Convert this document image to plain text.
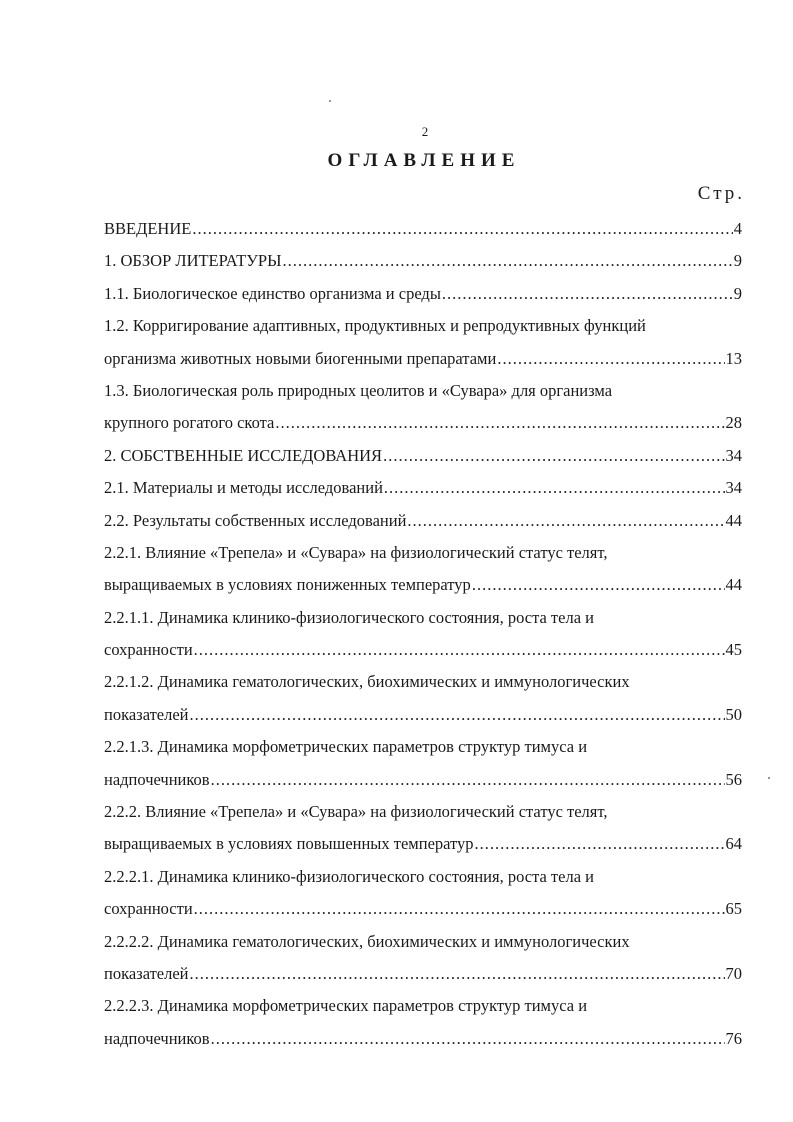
2
ОГЛАВЛЕНИЕ
Стр.
ВВЕДЕНИЕ .....	4
1. ОБЗОР ЛИТЕРАТУРЫ .....	9
1.1. Биологическое единство организма и среды .....	9
1.2. Корригирование адаптивных, продуктивных и репродуктивных функций
организма животных новыми биогенными препаратами .....	13
1.3. Биологическая роль природных цеолитов и «Сувара» для организма
крупного рогатого скота .....	28
2. СОБСТВЕННЫЕ ИССЛЕДОВАНИЯ .....	34
2.1. Материалы и методы исследований .....	34
2.2. Результаты собственных исследований .....	44
2.2.1. Влияние «Трепела» и «Сувара» на физиологический статус телят,
выращиваемых в условиях пониженных температур .....	44
2.2.1.1. Динамика клинико-физиологического состояния, роста тела и
сохранности .....	45
2.2.1.2. Динамика гематологических, биохимических и иммунологических
показателей .....	50
2.2.1.3. Динамика морфометрических параметров структур тимуса и
надпочечников .....	56
2.2.2. Влияние «Трепела» и «Сувара» на физиологический статус телят,
выращиваемых в условиях повышенных температур .....	64
2.2.2.1. Динамика клинико-физиологического состояния, роста тела и
сохранности .....	65
2.2.2.2. Динамика гематологических, биохимических и иммунологических
показателей .....	70
2.2.2.3. Динамика морфометрических параметров структур тимуса и
надпочечников .....	76
